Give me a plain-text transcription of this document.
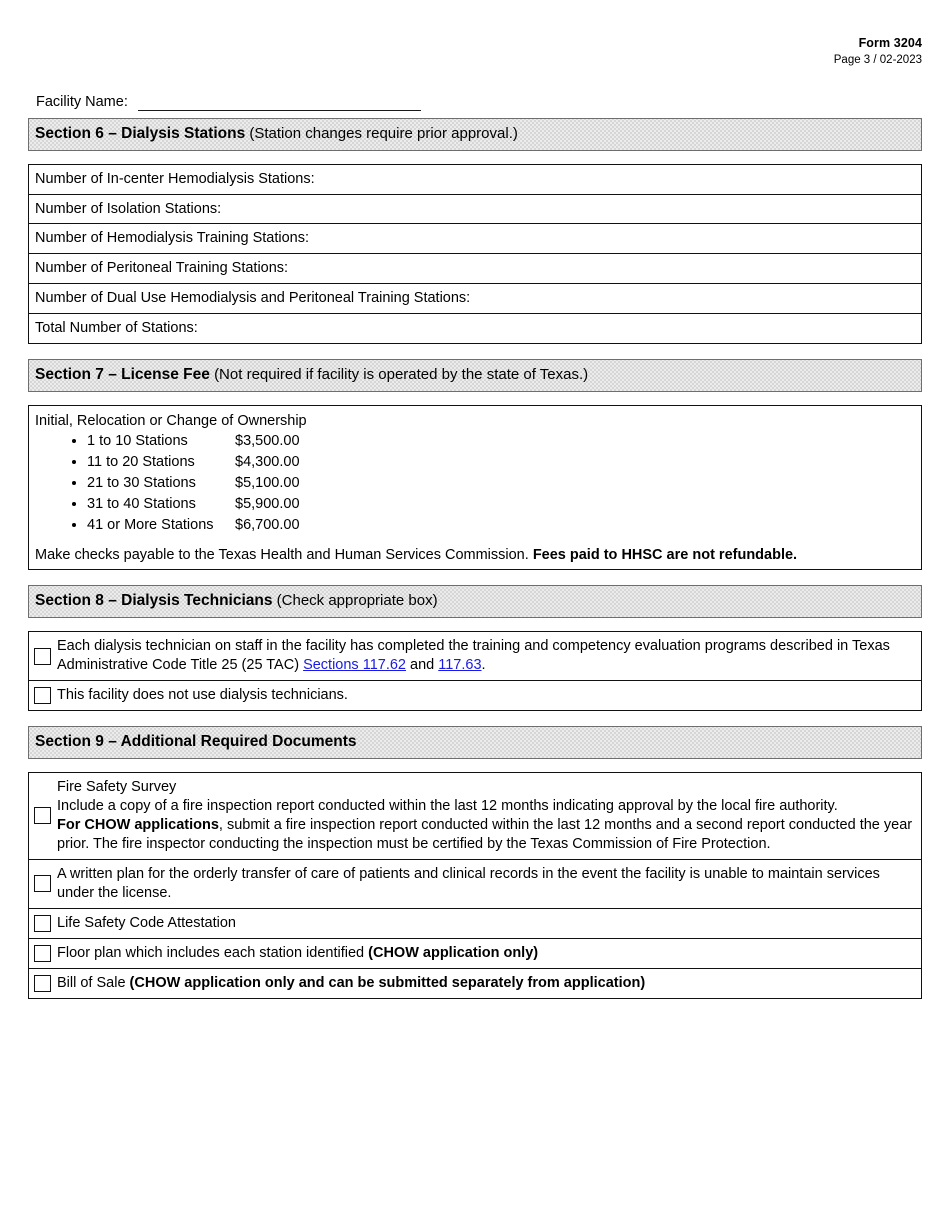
Form 3204
Page 3 / 02-2023
Facility Name:
Section 6 – Dialysis Stations (Station changes require prior approval.)
Number of In-center Hemodialysis Stations:
Number of Isolation Stations:
Number of Hemodialysis Training Stations:
Number of Peritoneal Training Stations:
Number of Dual Use Hemodialysis and Peritoneal Training Stations:
Total Number of Stations:
Section 7 – License Fee (Not required if facility is operated by the state of Texas.)

Initial, Relocation or Change of Ownership

• 1 to 10 Stations	$3,500.00
• 11 to 20 Stations	$4,300.00
• 21 to 30 Stations	$5,100.00
• 31 to 40 Stations	$5,900.00
• 41 or More Stations $6,700.00
Make checks payable to the Texas Health and Human Services Commission. Fees paid to HHSC are not refundable.
Section 8 – Dialysis Technicians (Check appropriate box)
Each dialysis technician on staff in the facility has completed the training and competency evaluation programs described in Texas Administrative Code Title 25 (25 TAC) Sections 117.62 and 117.63.
This facility does not use dialysis technicians.
Section 9 – Additional Required Documents
Fire Safety Survey
Include a copy of a fire inspection report conducted within the last 12 months indicating approval by the local fire authority.
For CHOW applications, submit a fire inspection report conducted within the last 12 months and a second report conducted the year prior. The fire inspector conducting the inspection must be certified by the Texas Commission of Fire Protection.
A written plan for the orderly transfer of care of patients and clinical records in the event the facility is unable to maintain services under the license.
Life Safety Code Attestation
Floor plan which includes each station identified (CHOW application only)
Bill of Sale (CHOW application only and can be submitted separately from application)
